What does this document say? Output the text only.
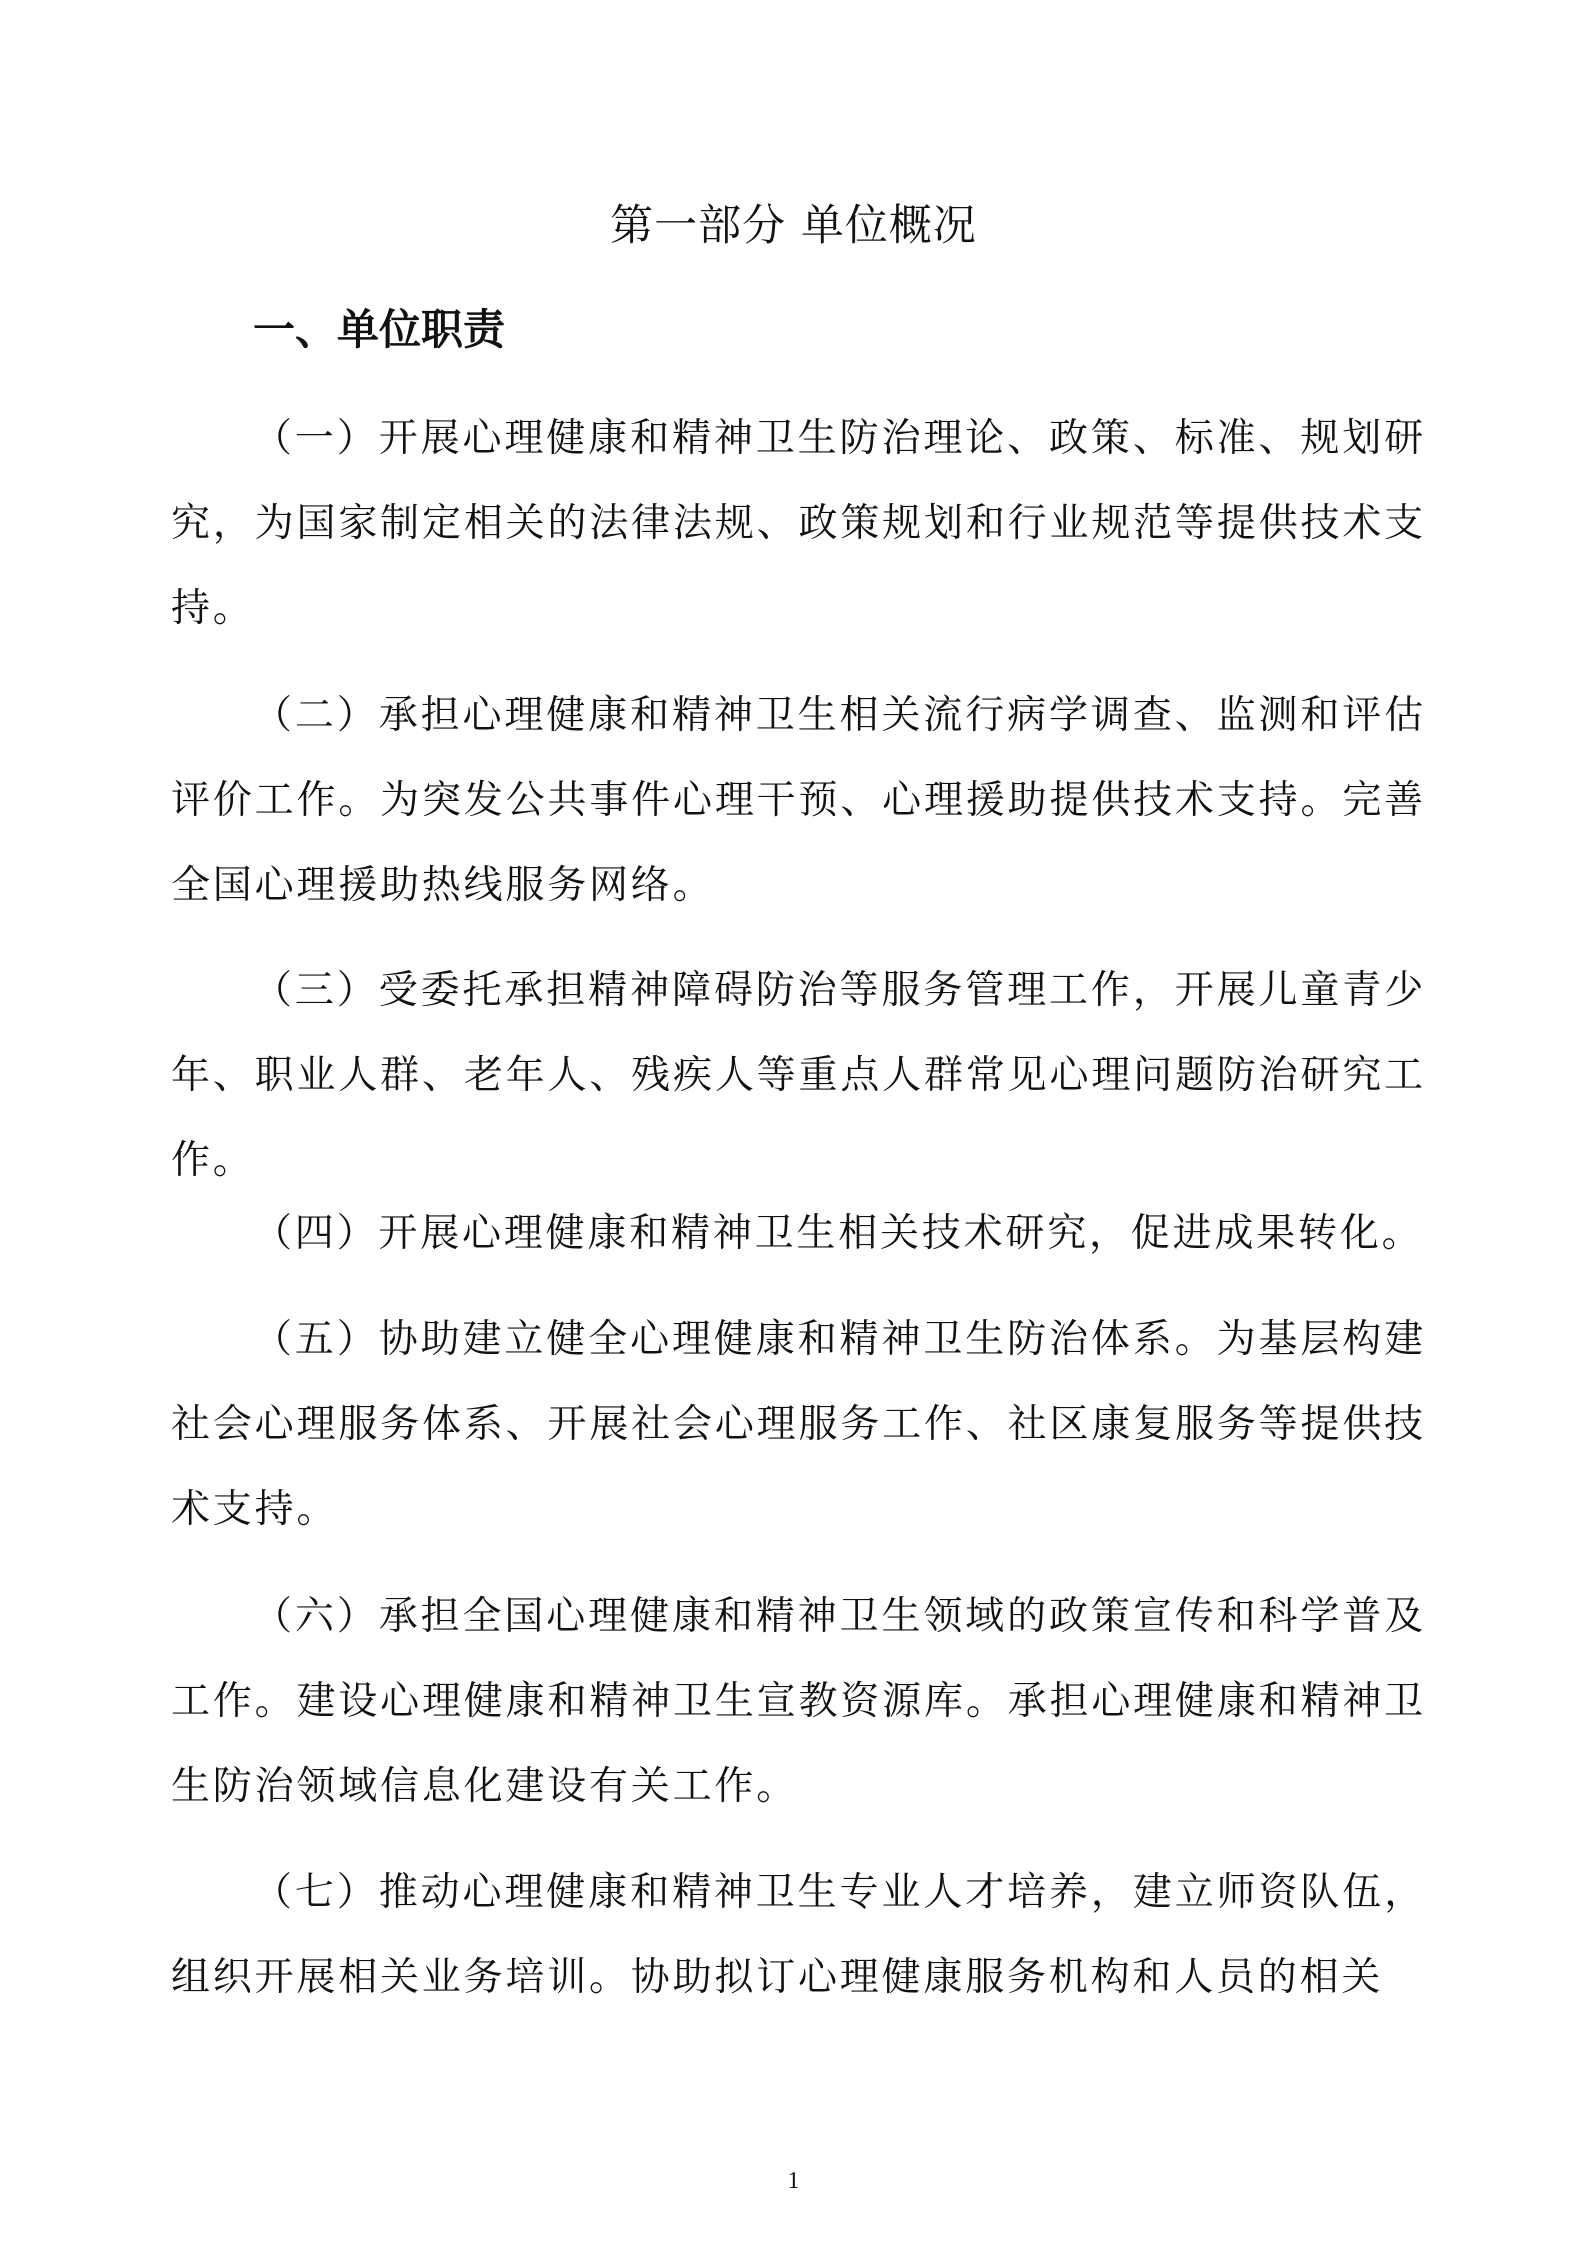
第一部分 单位概况
一、单位职责

（一）开展心理健康和精神卫生防治理论、政策、标准、规划研究，为国家制定相关的法律法规、政策规划和行业规范等提供技术支持。

（二）承担心理健康和精神卫生相关流行病学调查、监测和评估评价工作。为突发公共事件心理干预、心理援助提供技术支持。完善全国心理援助热线服务网络。

（三）受委托承担精神障碍防治等服务管理工作，开展儿童青少年、职业人群、老年人、残疾人等重点人群常见心理问题防治研究工作。

（四）开展心理健康和精神卫生相关技术研究，促进成果转化。

（五）协助建立健全心理健康和精神卫生防治体系。为基层构建社会心理服务体系、开展社会心理服务工作、社区康复服务等提供技术支持。

（六）承担全国心理健康和精神卫生领域的政策宣传和科学普及工作。建设心理健康和精神卫生宣教资源库。承担心理健康和精神卫生防治领域信息化建设有关工作。

（七）推动心理健康和精神卫生专业人才培养，建立师资队伍，组织开展相关业务培训。协助拟订心理健康服务机构和人员的相关

1
